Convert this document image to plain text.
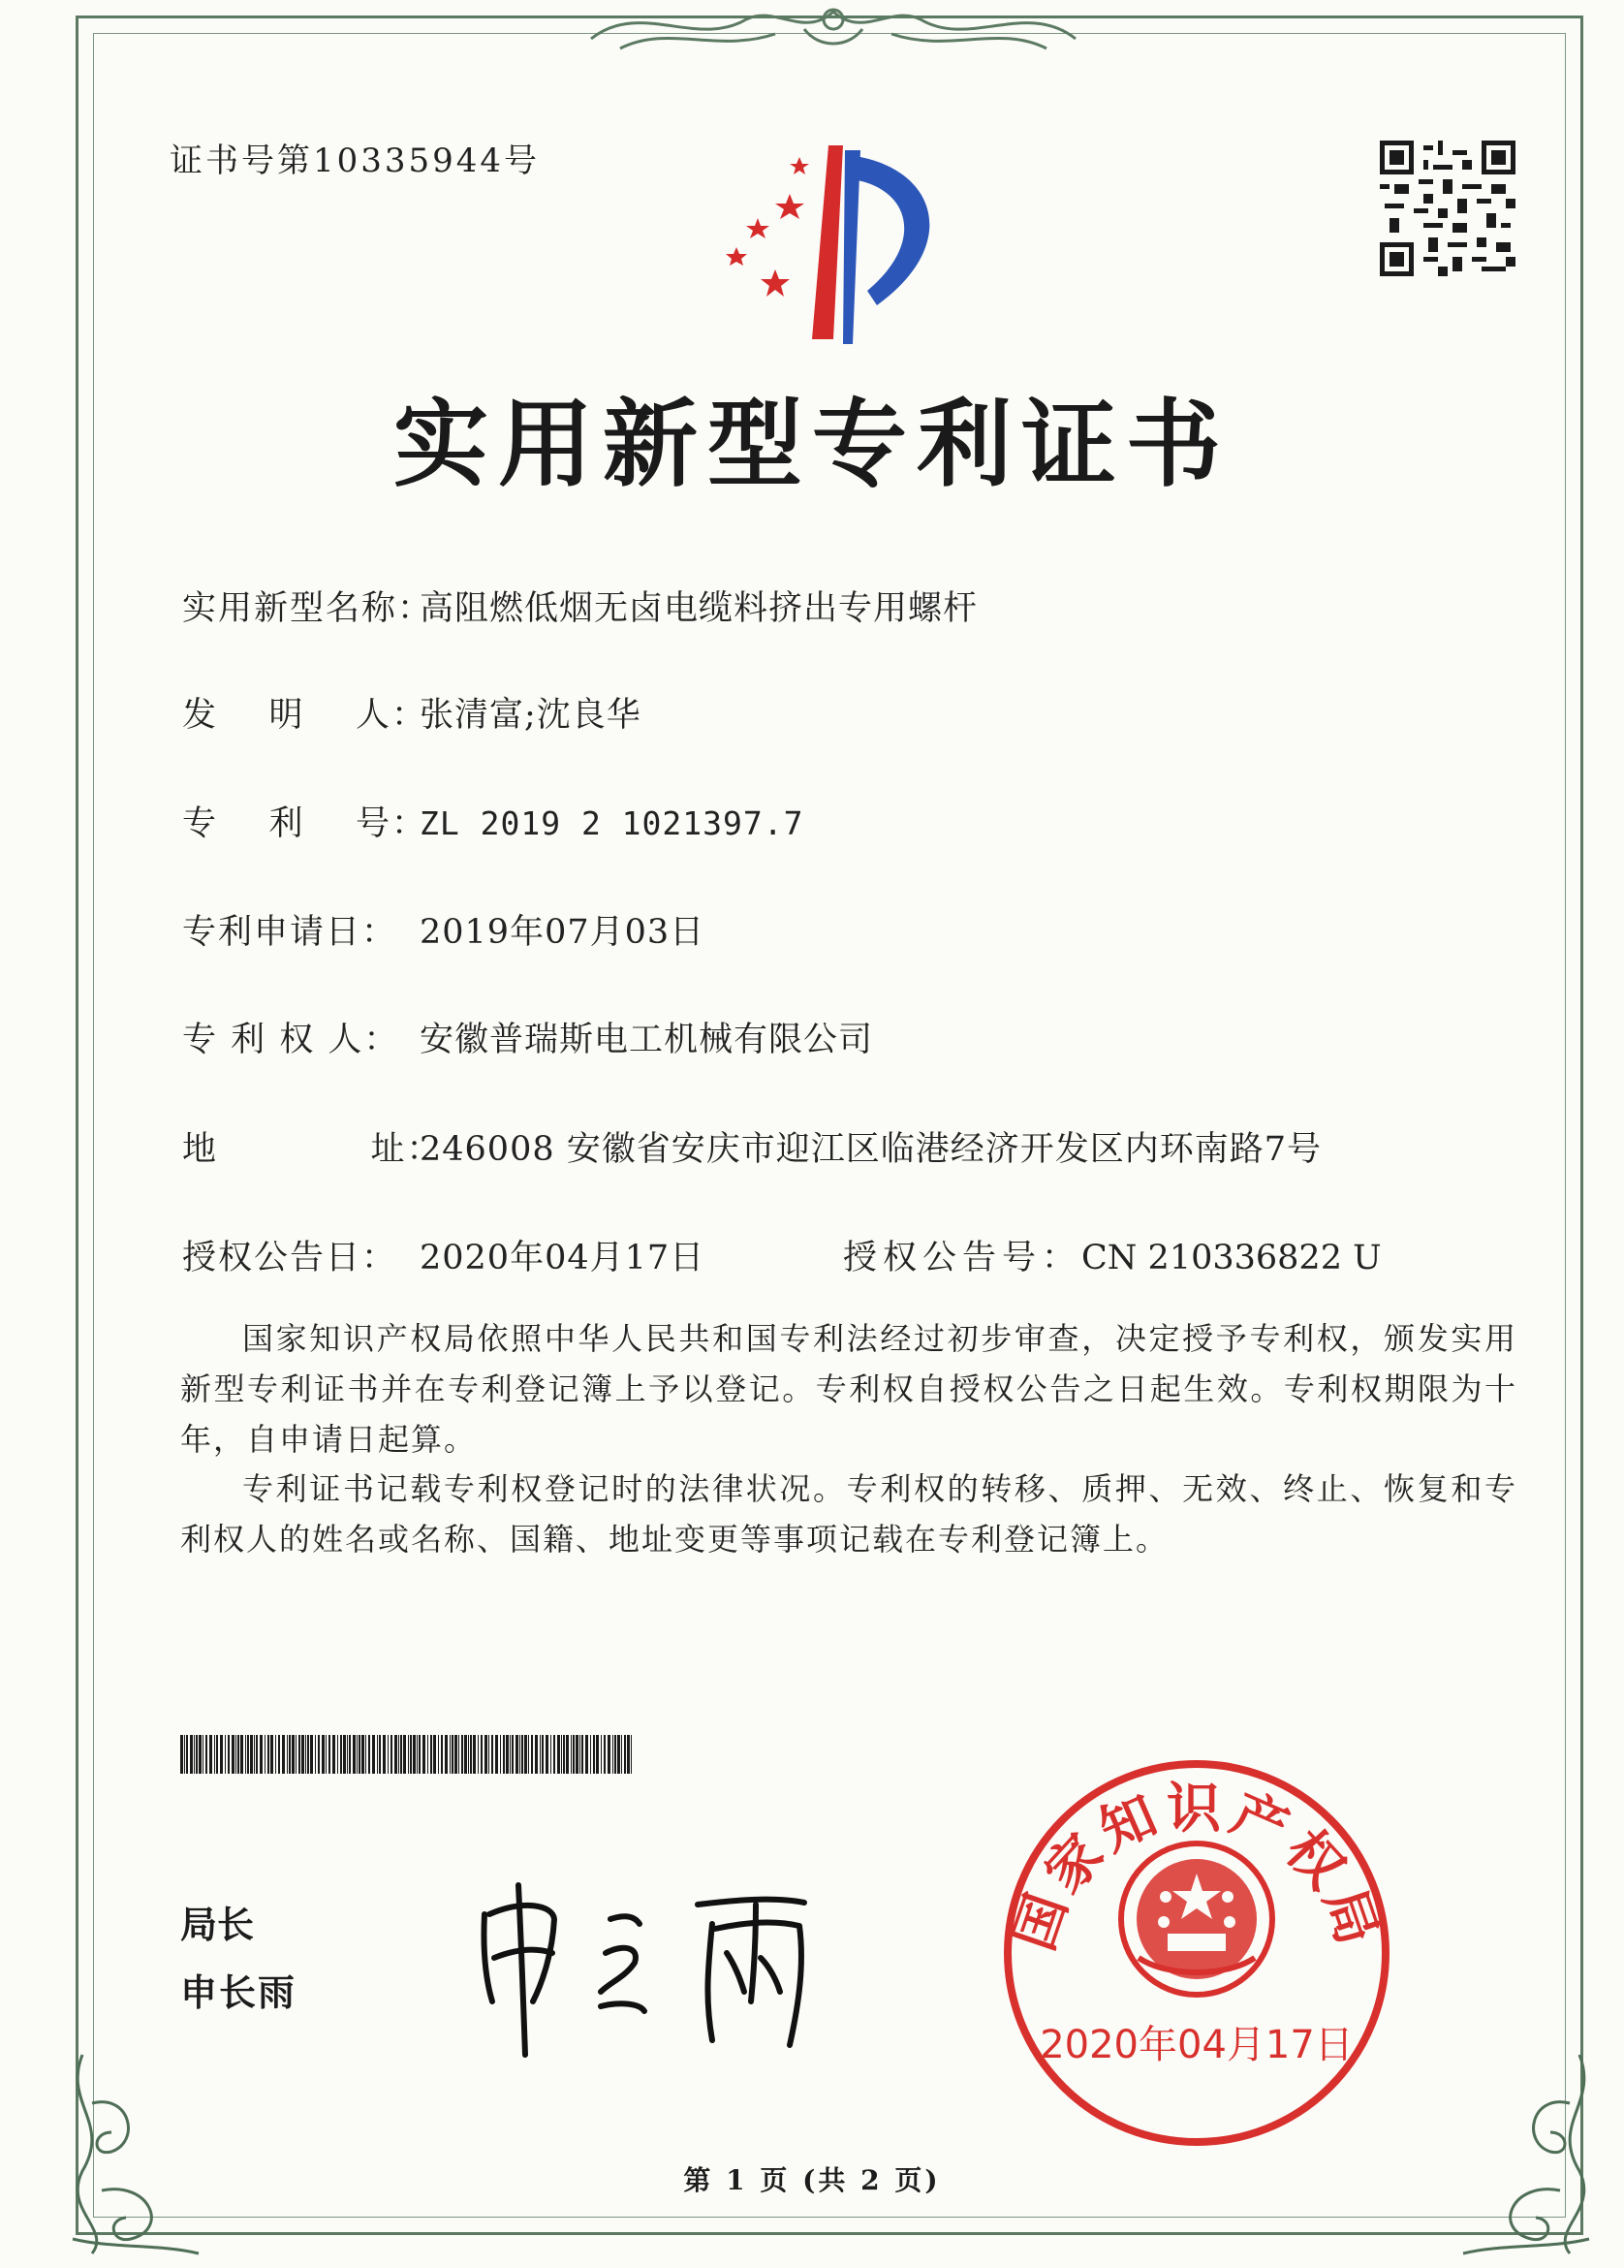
证书号第10335944号
实用新型专利证书
实用新型名称：
高阻燃低烟无卤电缆料挤出专用螺杆
发    明    人：
张清富;沈良华
专    利    号：
ZL 2019 2 1021397.7
专利申请日： 2019年07月03日
专 利 权 人： 安徽普瑞斯电工机械有限公司
地            址：
246008 安徽省安庆市迎江区临港经济开发区内环南路7号
授权公告日： 2020年04月17日	授权公告号：CN 210336822 U
国家知识产权局依照中华人民共和国专利法经过初步审查，决定授予专利权，颁发实用新型专利证书并在专利登记簿上予以登记。专利权自授权公告之日起生效。专利权期限为十年，自申请日起算。
专利证书记载专利权登记时的法律状况。专利权的转移、质押、无效、终止、恢复和专利权人的姓名或名称、国籍、地址变更等事项记载在专利登记簿上。
局长
申长雨
国家知识产权局
2020年04月17日
第 1 页 (共 2 页)
